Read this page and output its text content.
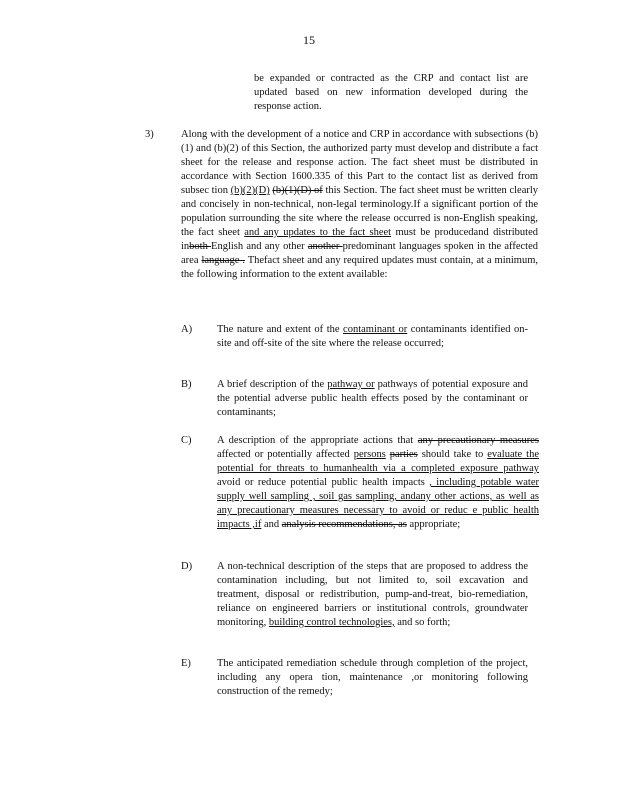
15

be expanded or contracted as the CRP and contact list are updated based on new information developed during the response action.

3)	Along with the development of a notice and CRP in accordance with subsections (b)(1) and (b)(2) of this Section, the authorized party must develop and distribute a fact sheet for the release and response action. The fact sheet must be distributed in accordance with Section 1600.335 of this Part to the contact list as derived from subsec tion (b)(2)(D) (b)(1)(D) of this Section. The fact sheet must be written clearly and concisely in non-technical, non-legal terminology.If a significant portion of the population surrounding the site where the release occurred is non-English speaking, the fact sheet and any updates to the fact sheet must be producedand distributed inboth English and any other another predominant languages spoken in the affected area language . Thefact sheet and any required updates must contain, at a minimum, the following information to the extent available:

A) The nature and extent of the contaminant or contaminants identified on-site and off-site of the site where the release occurred;

B) A brief description of the pathway or pathways of potential exposure and the potential adverse public health effects posed by the contaminant or contaminants;

C) A description of the appropriate actions that any precautionary measures affected or potentially affected persons parties should take to evaluate the potential for threats to humanhealth via a completed exposure pathway avoid or reduce potential public health impacts , including potable water supply well sampling , soil gas sampling, andany other actions, as well as any precautionary measures necessary to avoid or reduc e public health impacts ,if and analysis recommendations, as appropriate;

D) A non-technical description of the steps that are proposed to address the contamination including, but not limited to, soil excavation and treatment, disposal or redistribution, pump-and-treat, bio-remediation, reliance on engineered barriers or institutional controls, groundwater monitoring, building control technologies, and so forth;

E) The anticipated remediation schedule through completion of the project, including any opera tion, maintenance ,or monitoring following construction of the remedy;
